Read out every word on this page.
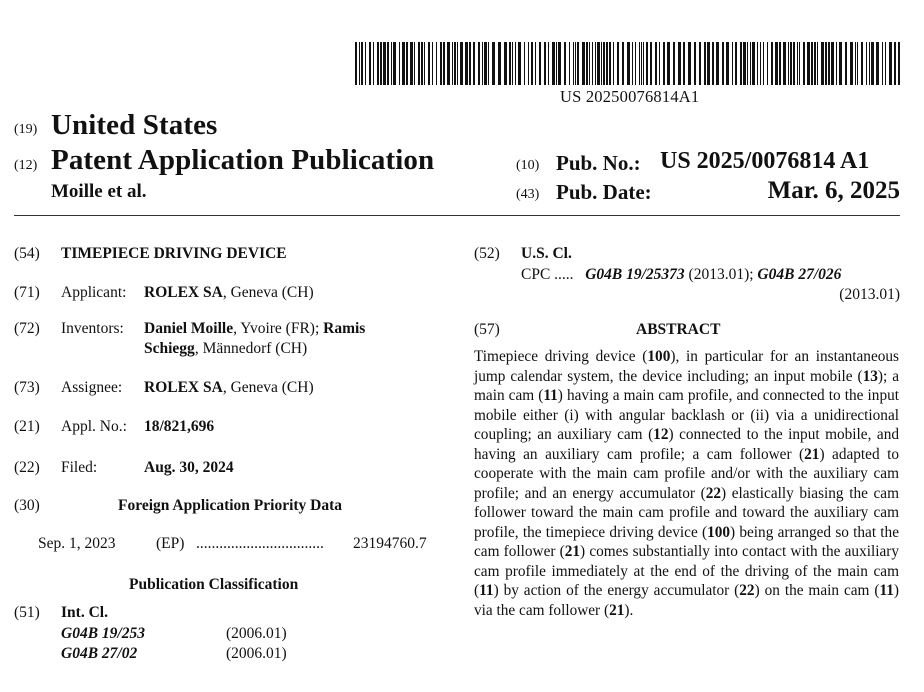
US 20250076814A1
(19) United States
(12) Patent Application Publication
Moille et al.
(10) Pub. No.: US 2025/0076814 A1
(43) Pub. Date:	Mar. 6, 2025
(54) TIMEPIECE DRIVING DEVICE
(71) Applicant: ROLEX SA, Geneva (CH)
(72) Inventors: Daniel Moille, Yvoire (FR); Ramis
Schiegg, Männedorf (CH)
(73) Assignee: ROLEX SA, Geneva (CH)
(21) Appl. No.: 18/821,696
(22) Filed:	Aug. 30, 2024
(30)	Foreign Application Priority Data
Sep. 1, 2023	(EP) .................................	23194760.7
Publication Classification
(51) Int. Cl.
G04B 19/253	(2006.01)
G04B 27/02	(2006.01)
(52) U.S. Cl.
CPC ..... G04B 19/25373 (2013.01); G04B 27/026
(2013.01)
(57)	ABSTRACT
Timepiece driving device (100), in particular for an instantaneous jump calendar system, the device including; an input mobile (13); a main cam (11) having a main cam profile, and connected to the input mobile either (i) with angular backlash or (ii) via a unidirectional coupling; an auxiliary cam (12) connected to the input mobile, and having an auxiliary cam profile; a cam follower (21) adapted to cooperate with the main cam profile and/or with the auxiliary cam profile; and an energy accumulator (22) elastically biasing the cam follower toward the main cam profile and toward the auxiliary cam profile, the timepiece driving device (100) being arranged so that the cam follower (21) comes substantially into contact with the auxiliary cam profile immediately at the end of the driving of the main cam (11) by action of the energy accumulator (22) on the main cam (11) via the cam follower (21).
